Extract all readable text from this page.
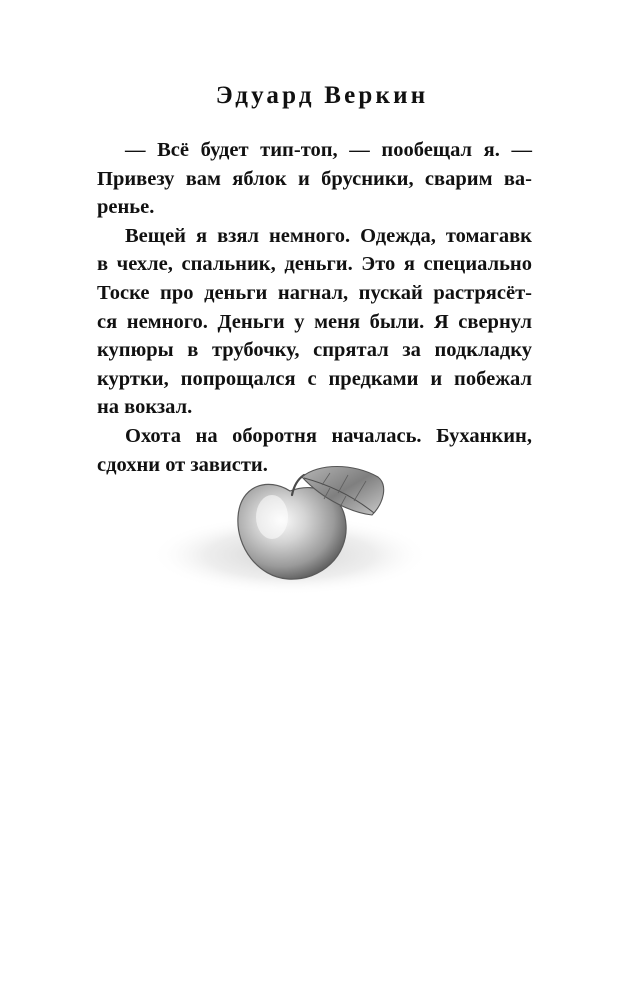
Эдуард Веркин
— Всё будет тип-топ, — пообещал я. —
Привезу вам яблок и брусники, сварим ва-
ренье.
Вещей я взял немного. Одежда, томагавк
в чехле, спальник, деньги. Это я специально
Тоске про деньги нагнал, пускай растрясёт-
ся немного. Деньги у меня были. Я свернул
купюры в трубочку, спрятал за подкладку
куртки, попрощался с предками и побежал
на вокзал.
Охота на оборотня началась. Буханкин,
сдохни от зависти.
